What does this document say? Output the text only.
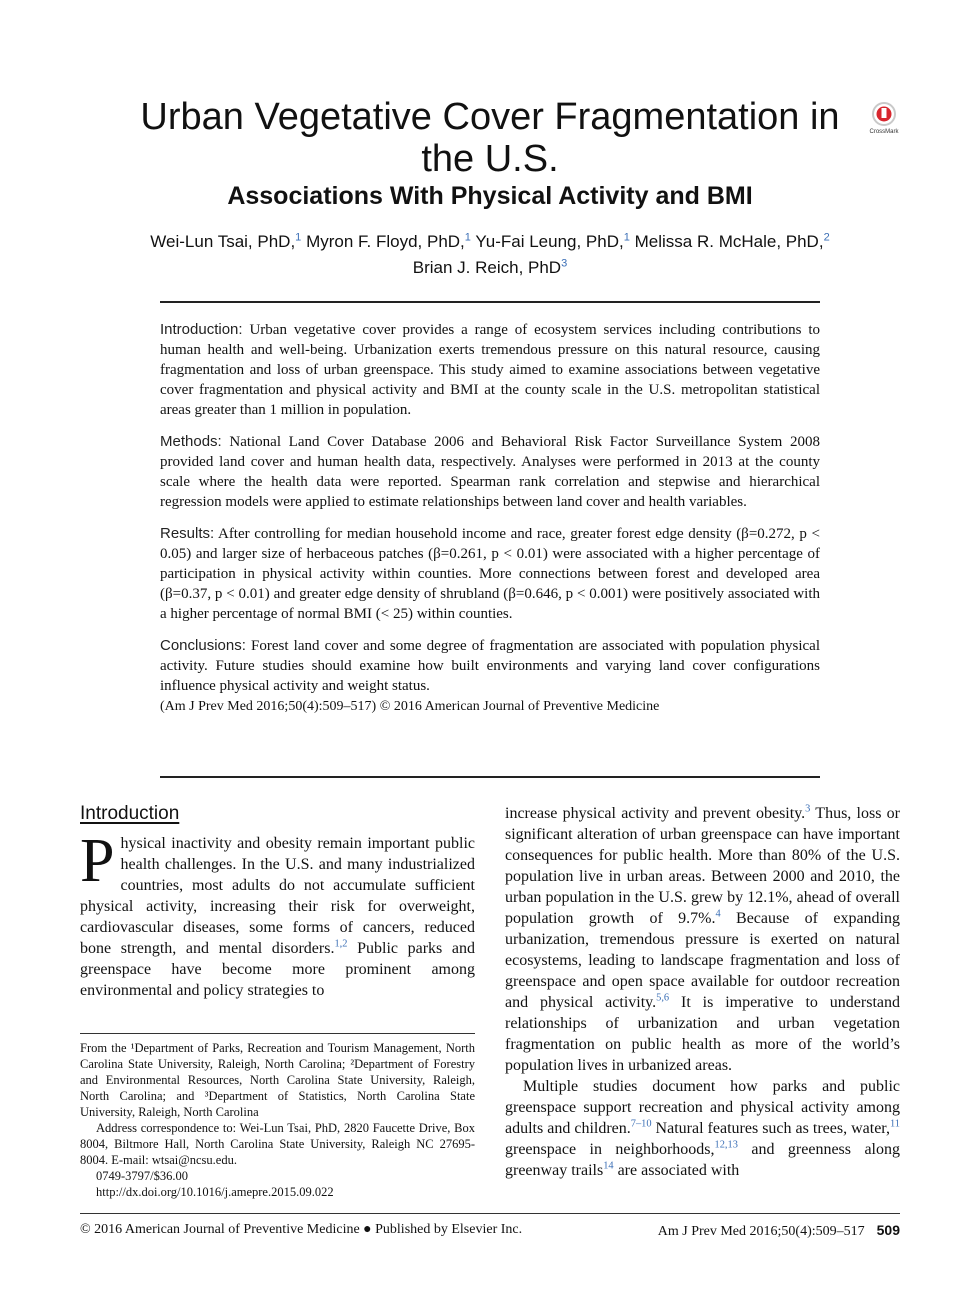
Urban Vegetative Cover Fragmentation in the U.S.
CrossMark
Associations With Physical Activity and BMI

Wei-Lun Tsai, PhD,$^1$ Myron F. Floyd, PhD,$^1$ Yu-Fai Leung, PhD,$^1$ Melissa R. McHale, PhD,$^2$
Brian J. Reich, PhD$^3$

Introduction: Urban vegetative cover provides a range of ecosystem services including contributions to human health and well-being. Urbanization exerts tremendous pressure on this natural resource, causing fragmentation and loss of urban greenspace. This study aimed to examine associations between vegetative cover fragmentation and physical activity and BMI at the county scale in the U.S. metropolitan statistical areas greater than 1 million in population.

Methods: National Land Cover Database 2006 and Behavioral Risk Factor Surveillance System 2008 provided land cover and human health data, respectively. Analyses were performed in 2013 at the county scale where the health data were reported. Spearman rank correlation and stepwise and hierarchical regression models were applied to estimate relationships between land cover and health variables.

Results: After controlling for median household income and race, greater forest edge density (β=0.272, p < 0.05) and larger size of herbaceous patches (β=0.261, p < 0.01) were associated with a higher percentage of participation in physical activity within counties. More connections between forest and developed area (β=0.37, p < 0.01) and greater edge density of shrubland (β=0.646, p < 0.001) were positively associated with a higher percentage of normal BMI (< 25) within counties.

Conclusions: Forest land cover and some degree of fragmentation are associated with population physical activity. Future studies should examine how built environments and varying land cover configurations influence physical activity and weight status.

(Am J Prev Med 2016;50(4):509–517) © 2016 American Journal of Preventive Medicine

Introduction

Physical inactivity and obesity remain important public health challenges. In the U.S. and many industrialized countries, most adults do not accumulate sufficient physical activity, increasing their risk for overweight, cardiovascular diseases, some forms of cancers, reduced bone strength, and mental disorders.$^{1,2}$ Public parks and greenspace have become more prominent among environmental and policy strategies to

From the ¹Department of Parks, Recreation and Tourism Management, North Carolina State University, Raleigh, North Carolina; ²Department of Forestry and Environmental Resources, North Carolina State University, Raleigh, North Carolina; and ³Department of Statistics, North Carolina State University, Raleigh, North Carolina

Address correspondence to: Wei-Lun Tsai, PhD, 2820 Faucette Drive, Box 8004, Biltmore Hall, North Carolina State University, Raleigh NC 27695-8004. E-mail: wtsai@ncsu.edu.

0749-3797/$36.00

http://dx.doi.org/10.1016/j.amepre.2015.09.022

increase physical activity and prevent obesity.$^3$ Thus, loss or significant alteration of urban greenspace can have important consequences for public health. More than 80% of the U.S. population live in urban areas. Between 2000 and 2010, the urban population in the U.S. grew by 12.1%, ahead of overall population growth of 9.7%.$^4$ Because of expanding urbanization, tremendous pressure is exerted on natural ecosystems, leading to landscape fragmentation and loss of greenspace and open space available for outdoor recreation and physical activity.$^{5,6}$ It is imperative to understand relationships of urbanization and urban vegetation fragmentation on public health as more of the world’s population lives in urbanized areas.

Multiple studies document how parks and public greenspace support recreation and physical activity among adults and children.$^{7-10}$ Natural features such as trees, water,$^{11}$ greenspace in neighborhoods,$^{12,13}$ and greenness along greenway trails$^{14}$ are associated with

© 2016 American Journal of Preventive Medicine ● Published by Elsevier Inc.	Am J Prev Med 2016;50(4):509–517 509
